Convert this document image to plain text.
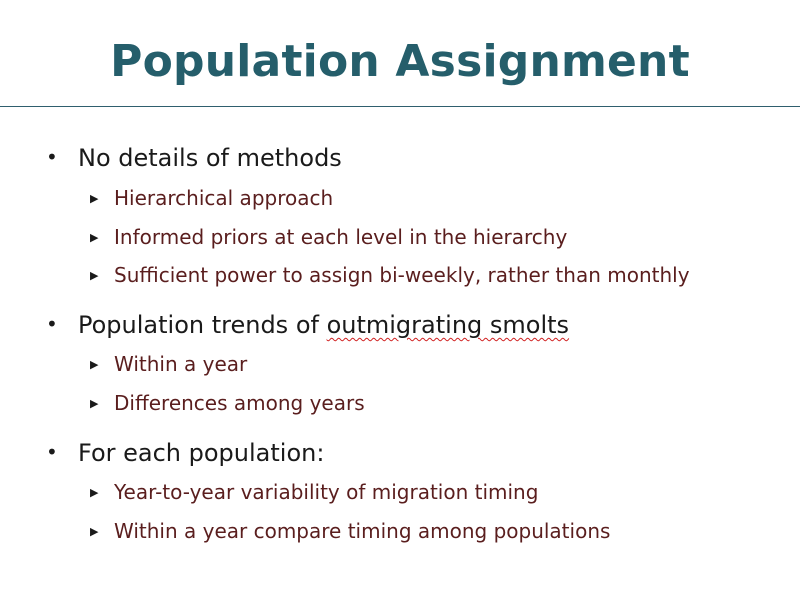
Population Assignment
• No details of methods
▶ Hierarchical approach
▶ Informed priors at each level in the hierarchy
▶ Sufficient power to assign bi-weekly, rather than monthly
• Population trends of outmigrating smolts
▶ Within a year
▶ Differences among years
• For each population:
▶ Year-to-year variability of migration timing
▶ Within a year compare timing among populations
